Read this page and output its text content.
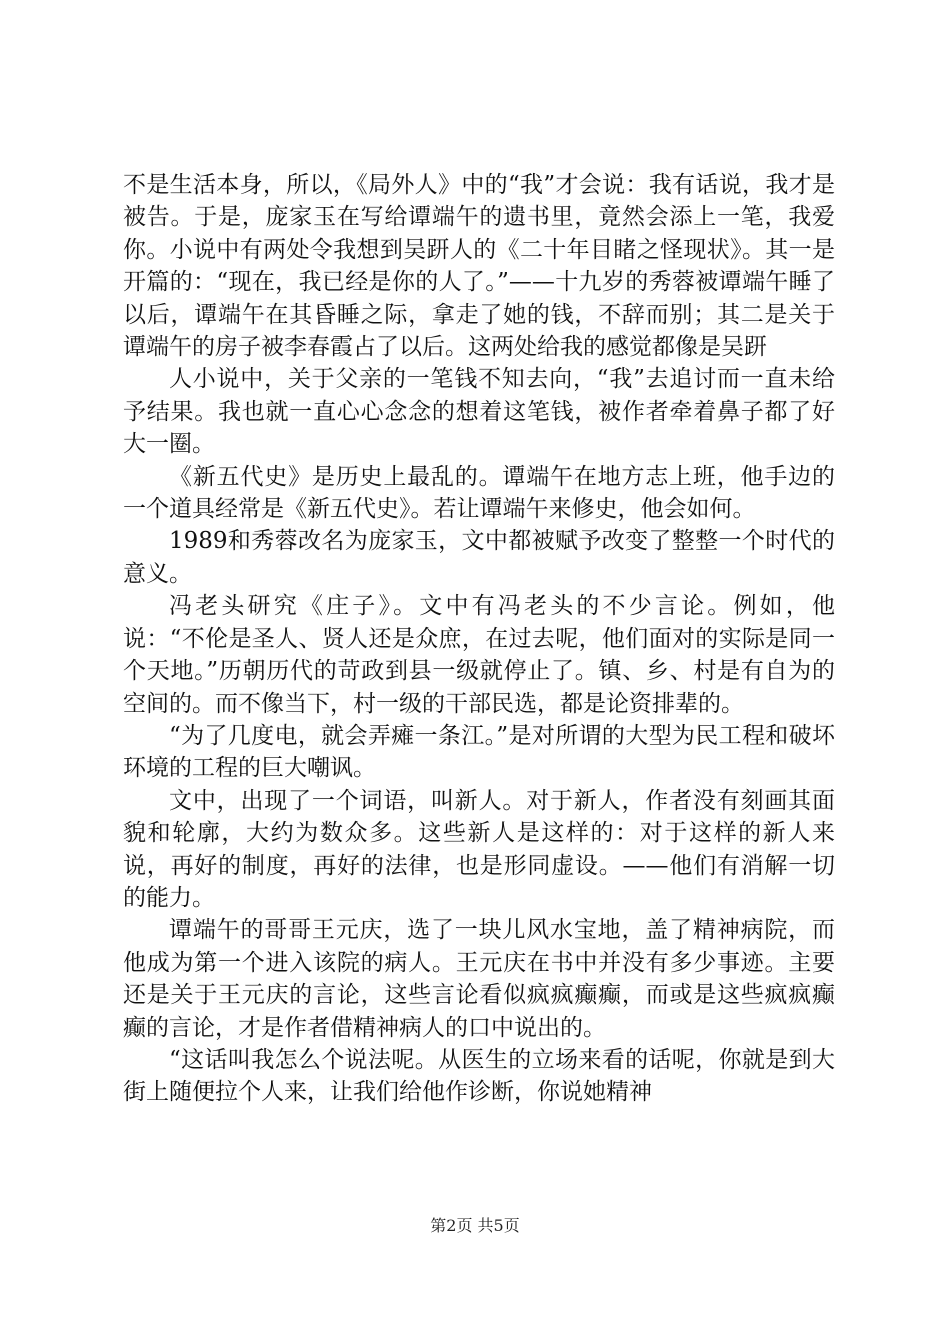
不是生活本身，所以，《局外人》中的“我”才会说：我有话说，我才是被告。于是，庞家玉在写给谭端午的遗书里，竟然会添上一笔，我爱你。小说中有两处令我想到吴趼人的《二十年目睹之怪现状》。其一是开篇的：“现在，我已经是你的人了。”——十九岁的秀蓉被谭端午睡了以后，谭端午在其昏睡之际，拿走了她的钱，不辞而别；其二是关于谭端午的房子被李春霞占了以后。这两处给我的感觉都像是吴趼

人小说中，关于父亲的一笔钱不知去向，“我”去追讨而一直未给予结果。我也就一直心心念念的想着这笔钱，被作者牵着鼻子都了好大一圈。

《新五代史》是历史上最乱的。谭端午在地方志上班，他手边的一个道具经常是《新五代史》。若让谭端午来修史，他会如何。

1989和秀蓉改名为庞家玉，文中都被赋予改变了整整一个时代的意义。

冯老头研究《庄子》。文中有冯老头的不少言论。例如，他说：“不伦是圣人、贤人还是众庶，在过去呢，他们面对的实际是同一个天地。”历朝历代的苛政到县一级就停止了。镇、乡、村是有自为的空间的。而不像当下，村一级的干部民选，都是论资排辈的。

“为了几度电，就会弄瘫一条江。”是对所谓的大型为民工程和破坏环境的工程的巨大嘲讽。

文中，出现了一个词语，叫新人。对于新人，作者没有刻画其面貌和轮廓，大约为数众多。这些新人是这样的：对于这样的新人来说，再好的制度，再好的法律，也是形同虚设。——他们有消解一切的能力。

谭端午的哥哥王元庆，选了一块儿风水宝地，盖了精神病院，而他成为第一个进入该院的病人。王元庆在书中并没有多少事迹。主要还是关于王元庆的言论，这些言论看似疯疯癫癫，而或是这些疯疯癫癫的言论，才是作者借精神病人的口中说出的。

“这话叫我怎么个说法呢。从医生的立场来看的话呢，你就是到大街上随便拉个人来，让我们给他作诊断，你说她精神

第2页 共5页
